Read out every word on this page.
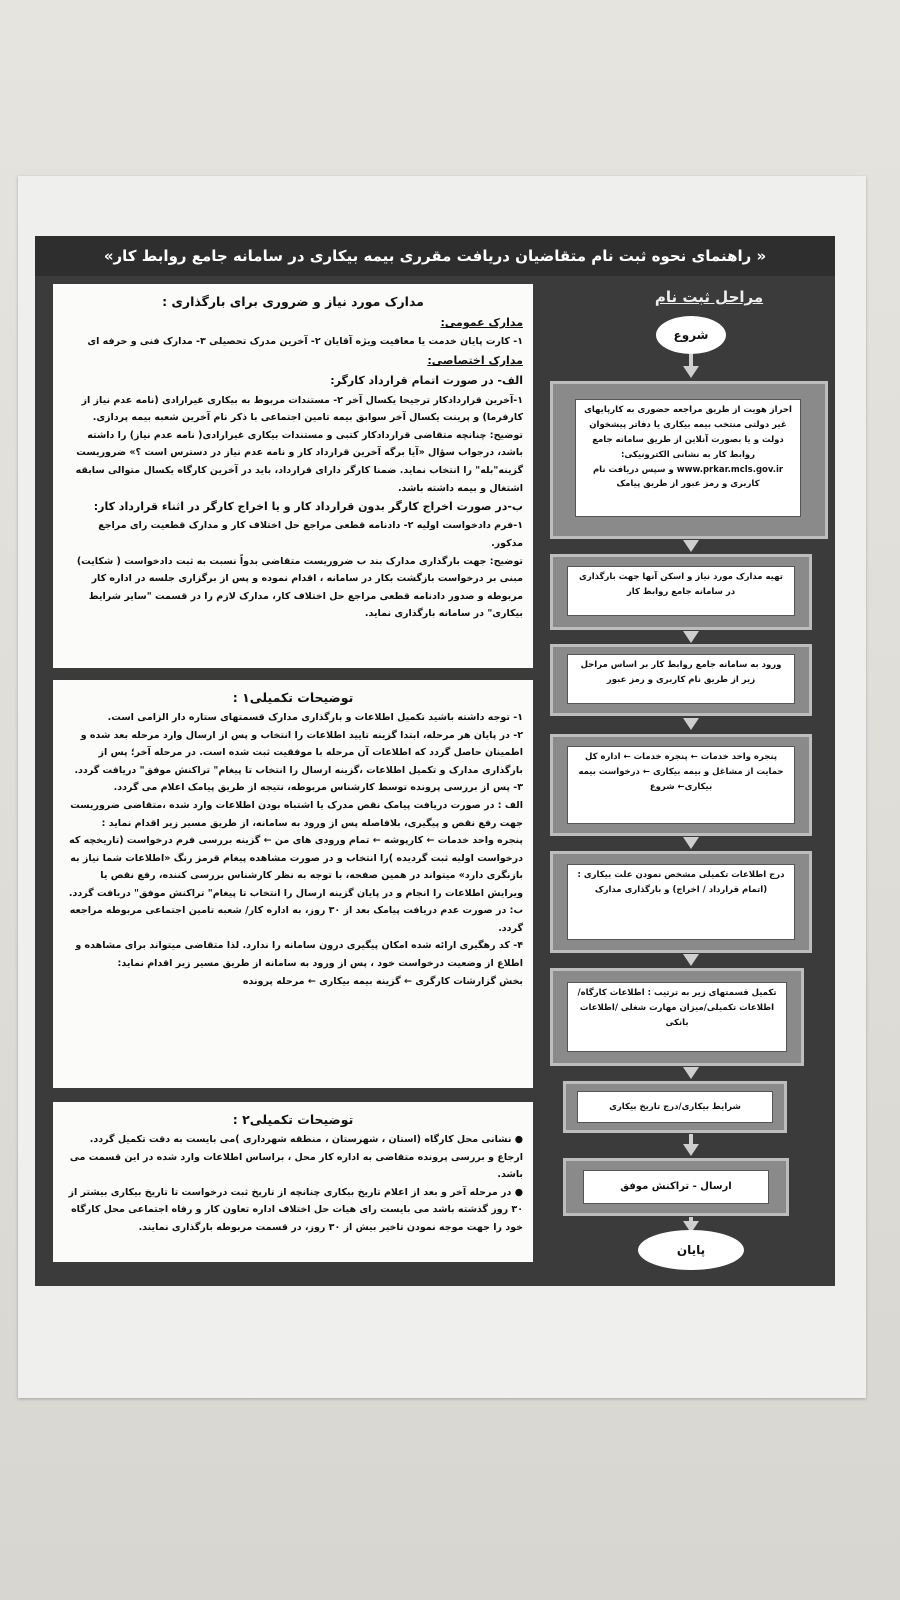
« راهنمای نحوه ثبت نام متقاضیان دریافت مقرری بیمه بیکاری در سامانه جامع روابط کار»

مدارک مورد نیاز و ضروری برای بارگذاری :

مدارک عمومی:

۱- کارت پایان خدمت یا معافیت ویژه آقایان ۲- آخرین مدرک تحصیلی ۳- مدارک فنی و حرفه ای

مدارک اختصاصی:

الف- در صورت اتمام قرارداد کارگر:

۱-آخرین قراردادکار ترجیحا یکسال آخر ۲- مستندات مربوط به بیکاری غیرارادی (نامه عدم نیاز از کارفرما) و پرینت یکسال آخر سوابق بیمه تامین اجتماعی با ذکر نام آخرین شعبه بیمه پردازی.

توضیح: چنانچه متقاضی قراردادکار کتبی و مستندات بیکاری غیرارادی( نامه عدم نیاز) را داشته باشد، درجواب سؤال «آیا برگه آخرین قرارداد کار و نامه عدم نیاز در دسترس است ؟» ضروریست گزینه"بله" را انتخاب نماید. ضمنا کارگر دارای قرارداد، باید در آخرین کارگاه یکسال متوالی سابقه اشتغال و بیمه داشته باشد.

ب-در صورت اخراج کارگر بدون قرارداد کار و یا اخراج کارگر در اثناء قرارداد کار:

۱-فرم دادخواست اولیه ۲- دادنامه قطعی مراجع حل اختلاف کار و مدارک قطعیت رای مراجع مذکور.

توضیح: جهت بارگذاری مدارک بند ب ضروریست متقاضی بدواً نسبت به ثبت دادخواست ( شکایت) مبنی بر درخواست بازگشت بکار در سامانه ، اقدام نموده و پس از برگزاری جلسه در اداره کار مربوطه و صدور دادنامه قطعی مراجع حل اختلاف کار، مدارک لازم را در قسمت "سایر شرایط بیکاری" در سامانه بارگذاری نماید.

توضیحات تکمیلی۱ :

۱- توجه داشته باشید تکمیل اطلاعات و بارگذاری مدارک قسمتهای ستاره دار الزامی است.

۲- در پایان هر مرحله، ابتدا گزینه تایید اطلاعات را انتخاب و پس از ارسال وارد مرحله بعد شده و اطمینان حاصل گردد که اطلاعات آن مرحله با موفقیت ثبت شده است. در مرحله آخر؛ پس از بارگذاری مدارک و تکمیل اطلاعات ،گزینه ارسال را انتخاب تا پیغام" تراکنش موفق" دریافت گردد.

۳- پس از بررسی پرونده توسط کارشناس مربوطه، نتیجه از طریق پیامک اعلام می گردد.

الف : در صورت دریافت پیامک نقص مدرک یا اشتباه بودن اطلاعات وارد شده ،متقاضی ضروریست جهت رفع نقص و پیگیری، بلافاصله پس از ورود به سامانه، از طریق مسیر زیر اقدام نماید :

پنجره واحد خدمات ← کارپوشه ← تمام ورودی های من ← گزینه بررسی فرم درخواست (تاریخچه که درخواست اولیه ثبت گردیده )را انتخاب و در صورت مشاهده پیغام قرمز رنگ «اطلاعات شما نیاز به بازنگری دارد» میتواند در همین صفحه، با توجه به نظر کارشناس بررسی کننده، رفع نقص یا ویرایش اطلاعات را انجام و در پایان گزینه ارسال را انتخاب تا پیغام" تراکنش موفق" دریافت گردد.

ب: در صورت عدم دریافت پیامک بعد از ۳۰ روز، به اداره کار/ شعبه تامین اجتماعی مربوطه مراجعه گردد.

۴- کد رهگیری ارائه شده امکان پیگیری درون سامانه را ندارد. لذا متقاضی میتواند برای مشاهده و اطلاع از وضعیت درخواست خود ، پس از ورود به سامانه از طریق مسیر زیر اقدام نماید:

بخش گزارشات کارگری ← گزینه بیمه بیکاری ← مرحله پرونده

توضیحات تکمیلی۲ :

● نشانی محل کارگاه (استان ، شهرستان ، منطقه شهرداری )می بایست به دقت تکمیل گردد. ارجاع و بررسی پرونده متقاضی به اداره کار محل ، براساس اطلاعات وارد شده در این قسمت می باشد.

● در مرحله آخر و بعد از اعلام تاریخ بیکاری چنانچه از تاریخ ثبت درخواست تا تاریخ بیکاری بیشتر از ۳۰ روز گذشته باشد می بایست رای هیات حل اختلاف اداره تعاون کار و رفاه اجتماعی محل کارگاه خود را جهت موجه نمودن تاخیر بیش از ۳۰ روز، در قسمت مربوطه بارگذاری نمایند.

مراحل ثبت نام
شروع
احراز هویت از طریق مراجعه حضوری به کارپایهای غیر دولتی منتخب بیمه بیکاری یا دفاتر پیشخوان دولت و یا بصورت آنلاین از طریق سامانه جامع روابط کار به نشانی الکترونیکی: www.prkar.mcls.gov.ir و سپس دریافت نام کاربری و رمز عبور از طریق پیامک
تهیه مدارک مورد نیاز و اسکن آنها جهت بارگذاری در سامانه جامع روابط کار
ورود به سامانه جامع روابط کار بر اساس مراحل زیر از طریق نام کاربری و رمز عبور
پنجره واحد خدمات ← پنجره خدمات ← اداره کل حمایت از مشاغل و بیمه بیکاری ← درخواست بیمه بیکاری← شروع
درج اطلاعات تکمیلی مشخص نمودن علت بیکاری : (اتمام قرارداد / اخراج) و بارگذاری مدارک
تکمیل قسمتهای زیر به ترتیب : اطلاعات کارگاه/اطلاعات تکمیلی/میزان مهارت شغلی /اطلاعات بانکی
شرایط بیکاری/درج تاریخ بیکاری
ارسال - تراکنش موفق
پایان
